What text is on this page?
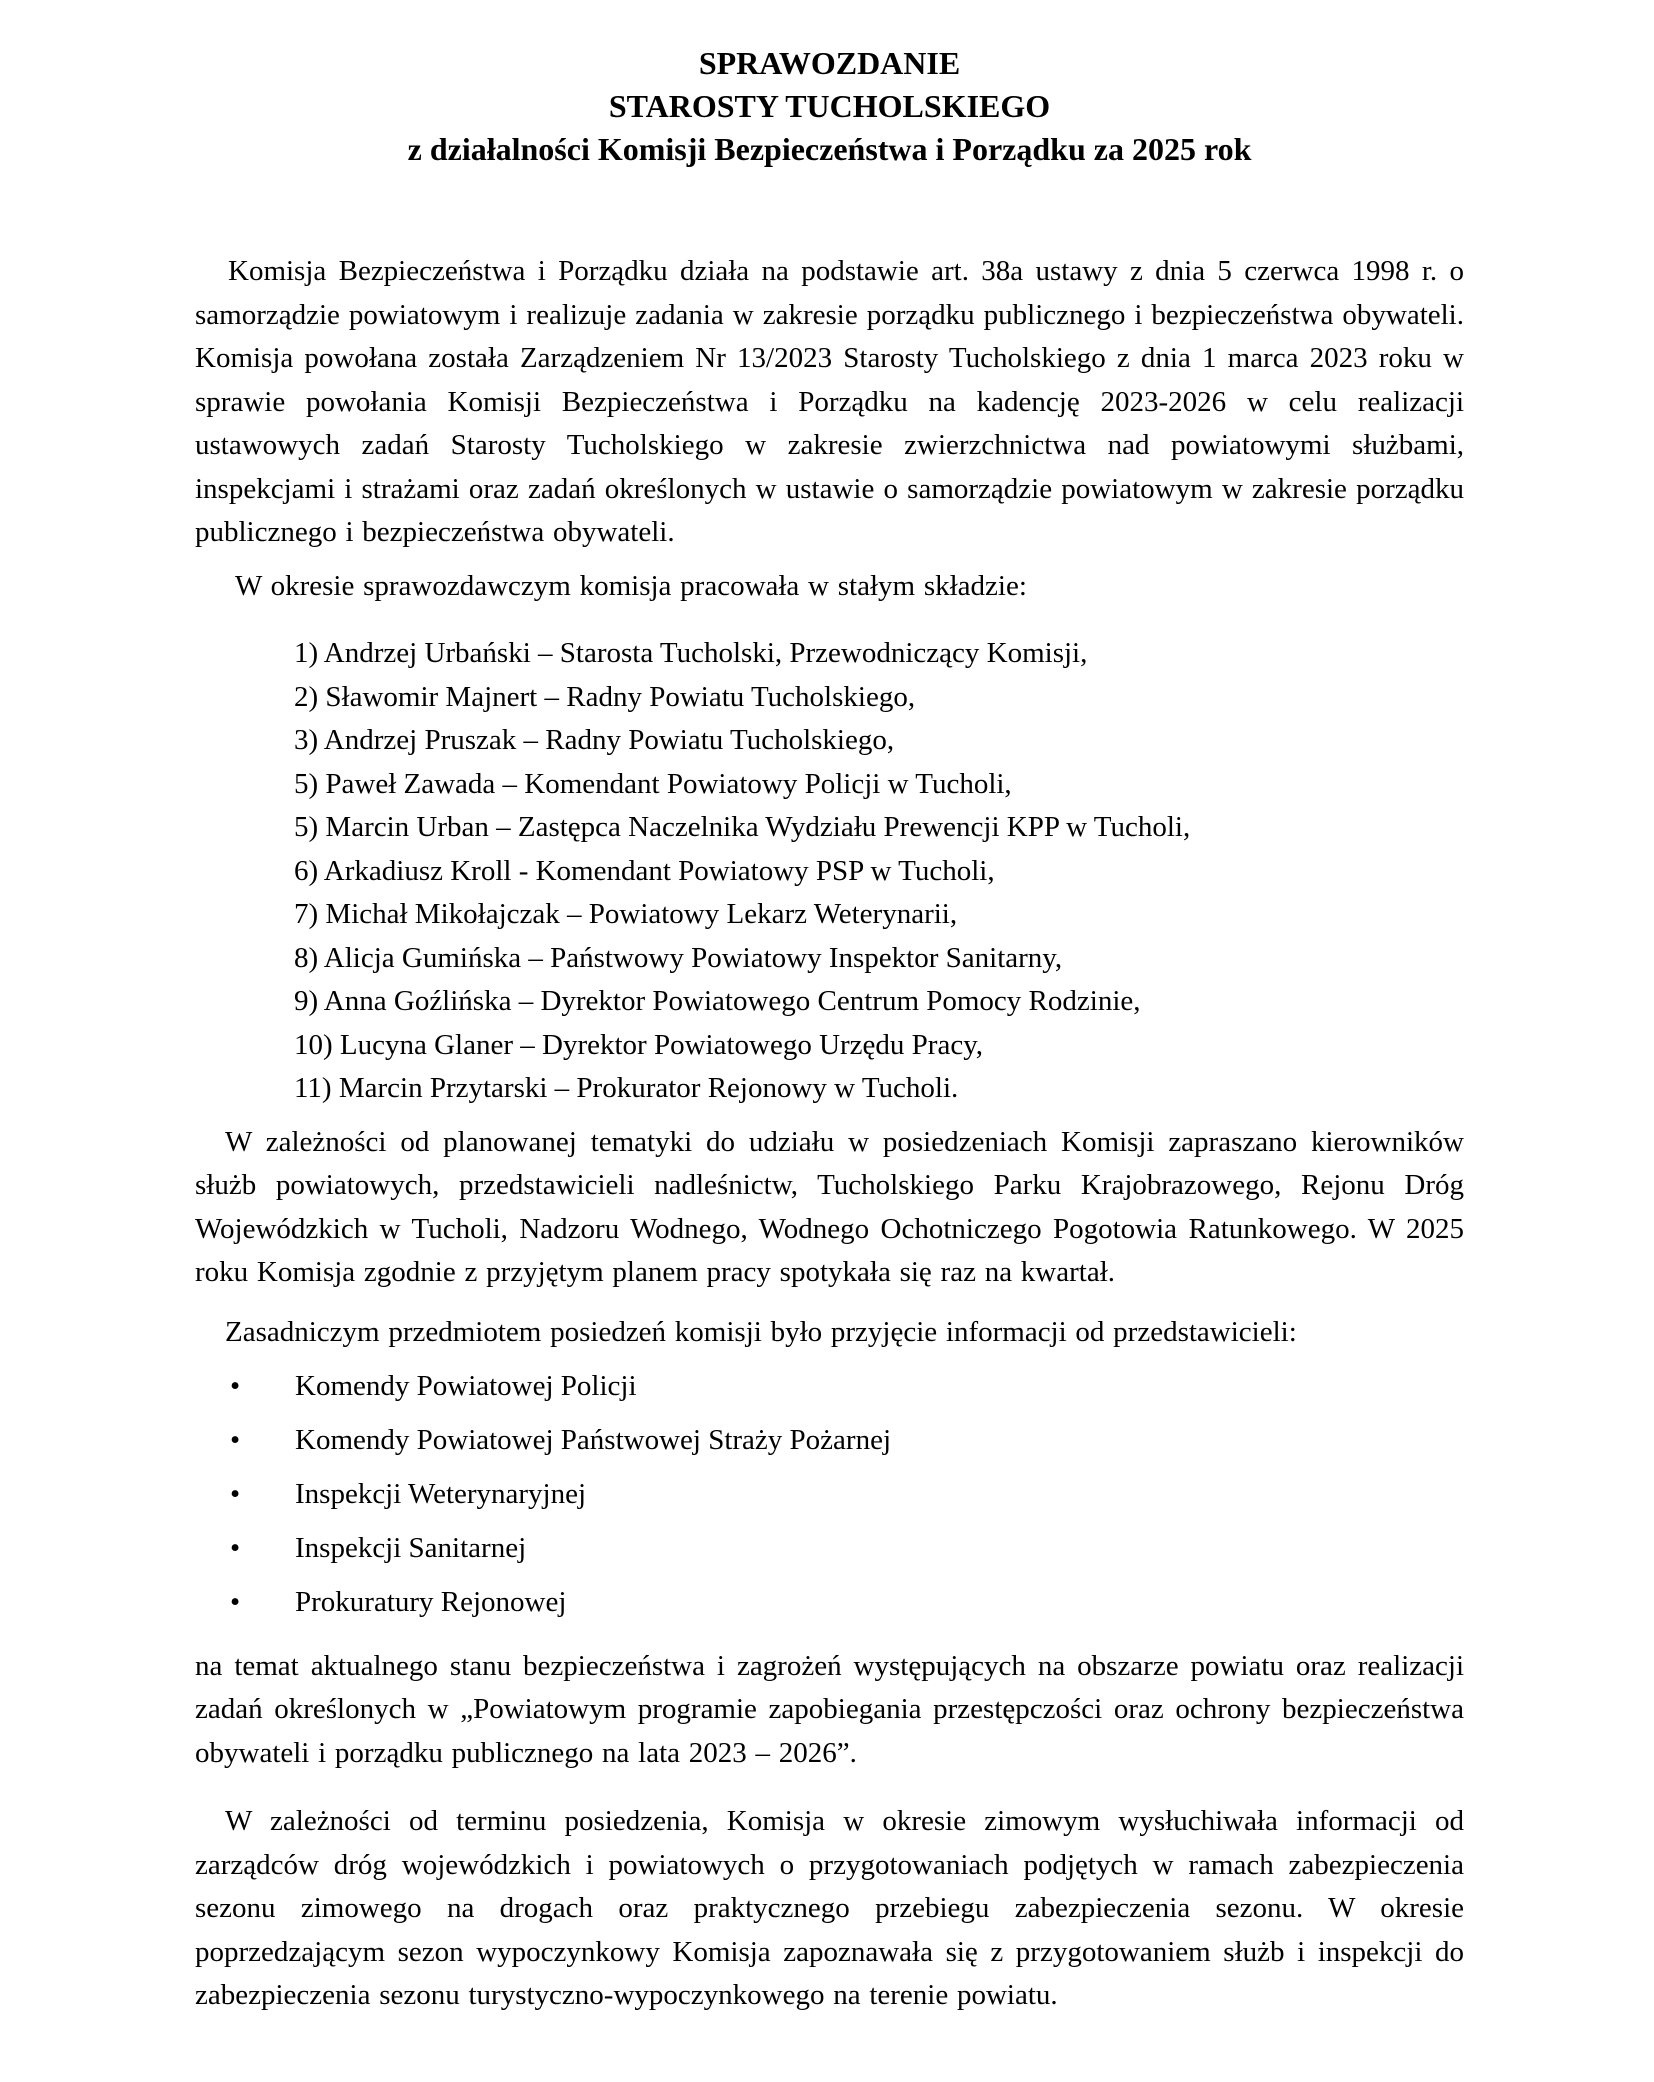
SPRAWOZDANIE
STAROSTY TUCHOLSKIEGO
z działalności Komisji Bezpieczeństwa i Porządku za 2025 rok

Komisja Bezpieczeństwa i Porządku działa na podstawie art. 38a ustawy z dnia 5 czerwca 1998 r. o samorządzie powiatowym i realizuje zadania w zakresie porządku publicznego i bezpieczeństwa obywateli. Komisja powołana została Zarządzeniem Nr 13/2023 Starosty Tucholskiego z dnia 1 marca 2023 roku w sprawie powołania Komisji Bezpieczeństwa i Porządku na kadencję 2023-2026 w celu realizacji ustawowych zadań Starosty Tucholskiego w zakresie zwierzchnictwa nad powiatowymi służbami, inspekcjami i strażami oraz zadań określonych w ustawie o samorządzie powiatowym w zakresie porządku publicznego i bezpieczeństwa obywateli.

W okresie sprawozdawczym komisja pracowała w stałym składzie:

1) Andrzej Urbański – Starosta Tucholski, Przewodniczący Komisji,
2) Sławomir Majnert – Radny Powiatu Tucholskiego,
3) Andrzej Pruszak – Radny Powiatu Tucholskiego,
5) Paweł Zawada – Komendant Powiatowy Policji w Tucholi,
5) Marcin Urban – Zastępca Naczelnika Wydziału Prewencji KPP w Tucholi,
6) Arkadiusz Kroll - Komendant Powiatowy PSP w Tucholi,
7) Michał Mikołajczak – Powiatowy Lekarz Weterynarii,
8) Alicja Gumińska – Państwowy Powiatowy Inspektor Sanitarny,
9) Anna Goźlińska – Dyrektor Powiatowego Centrum Pomocy Rodzinie,
10) Lucyna Glaner – Dyrektor Powiatowego Urzędu Pracy,
11) Marcin Przytarski – Prokurator Rejonowy w Tucholi.

W zależności od planowanej tematyki do udziału w posiedzeniach Komisji zapraszano kierowników służb powiatowych, przedstawicieli nadleśnictw, Tucholskiego Parku Krajobrazowego, Rejonu Dróg Wojewódzkich w Tucholi, Nadzoru Wodnego, Wodnego Ochotniczego Pogotowia Ratunkowego. W 2025 roku Komisja zgodnie z przyjętym planem pracy spotykała się raz na kwartał.

Zasadniczym przedmiotem posiedzeń komisji było przyjęcie informacji od przedstawicieli:

• Komendy Powiatowej Policji
• Komendy Powiatowej Państwowej Straży Pożarnej
• Inspekcji Weterynaryjnej
• Inspekcji Sanitarnej
• Prokuratury Rejonowej

na temat aktualnego stanu bezpieczeństwa i zagrożeń występujących na obszarze powiatu oraz realizacji zadań określonych w „Powiatowym programie zapobiegania przestępczości oraz ochrony bezpieczeństwa obywateli i porządku publicznego na lata 2023 – 2026”.

W zależności od terminu posiedzenia, Komisja w okresie zimowym wysłuchiwała informacji od zarządców dróg wojewódzkich i powiatowych o przygotowaniach podjętych w ramach zabezpieczenia sezonu zimowego na drogach oraz praktycznego przebiegu zabezpieczenia sezonu. W okresie poprzedzającym sezon wypoczynkowy Komisja zapoznawała się z przygotowaniem służb i inspekcji do zabezpieczenia sezonu turystyczno-wypoczynkowego na terenie powiatu.
